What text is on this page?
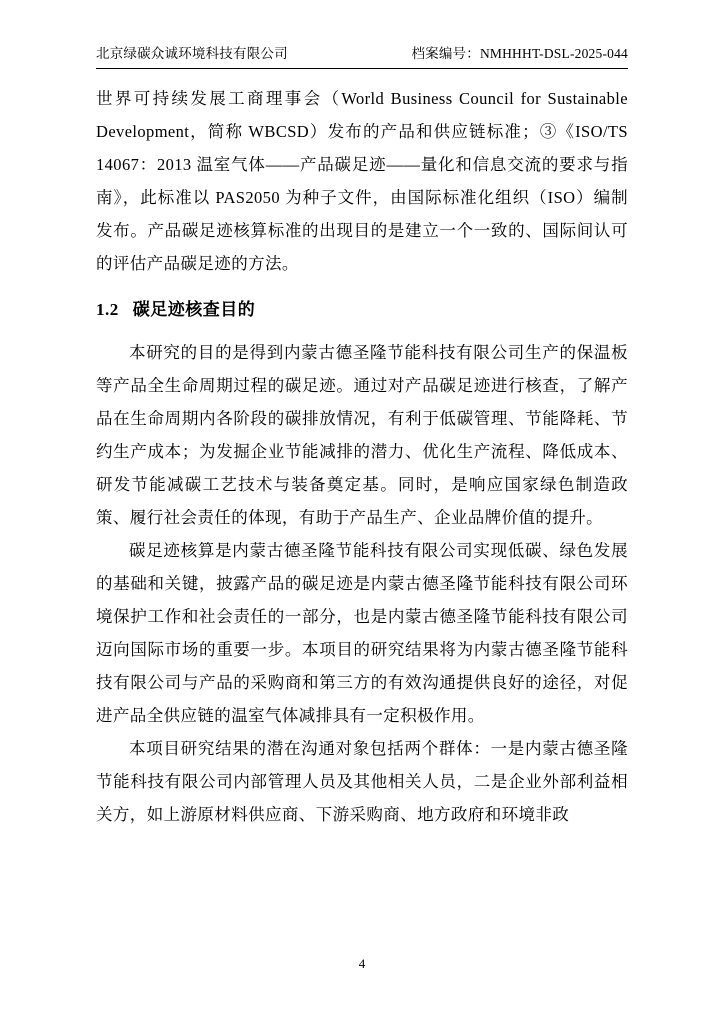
北京绿碳众诚环境科技有限公司	档案编号：NMHHHT-DSL-2025-044

世界可持续发展工商理事会（World Business Council for Sustainable Development，简称 WBCSD）发布的产品和供应链标准；③《ISO/TS 14067：2013 温室气体——产品碳足迹——量化和信息交流的要求与指南》，此标准以 PAS2050 为种子文件，由国际标准化组织（ISO）编制发布。产品碳足迹核算标准的出现目的是建立一个一致的、国际间认可的评估产品碳足迹的方法。

1.2 碳足迹核查目的

本研究的目的是得到内蒙古德圣隆节能科技有限公司生产的保温板等产品全生命周期过程的碳足迹。通过对产品碳足迹进行核查，了解产品在生命周期内各阶段的碳排放情况，有利于低碳管理、节能降耗、节约生产成本；为发掘企业节能减排的潜力、优化生产流程、降低成本、研发节能减碳工艺技术与装备奠定基。同时，是响应国家绿色制造政策、履行社会责任的体现，有助于产品生产、企业品牌价值的提升。

碳足迹核算是内蒙古德圣隆节能科技有限公司实现低碳、绿色发展的基础和关键，披露产品的碳足迹是内蒙古德圣隆节能科技有限公司环境保护工作和社会责任的一部分，也是内蒙古德圣隆节能科技有限公司迈向国际市场的重要一步。本项目的研究结果将为内蒙古德圣隆节能科技有限公司与产品的采购商和第三方的有效沟通提供良好的途径，对促进产品全供应链的温室气体减排具有一定积极作用。

本项目研究结果的潜在沟通对象包括两个群体：一是内蒙古德圣隆节能科技有限公司内部管理人员及其他相关人员，二是企业外部利益相关方，如上游原材料供应商、下游采购商、地方政府和环境非政

4
